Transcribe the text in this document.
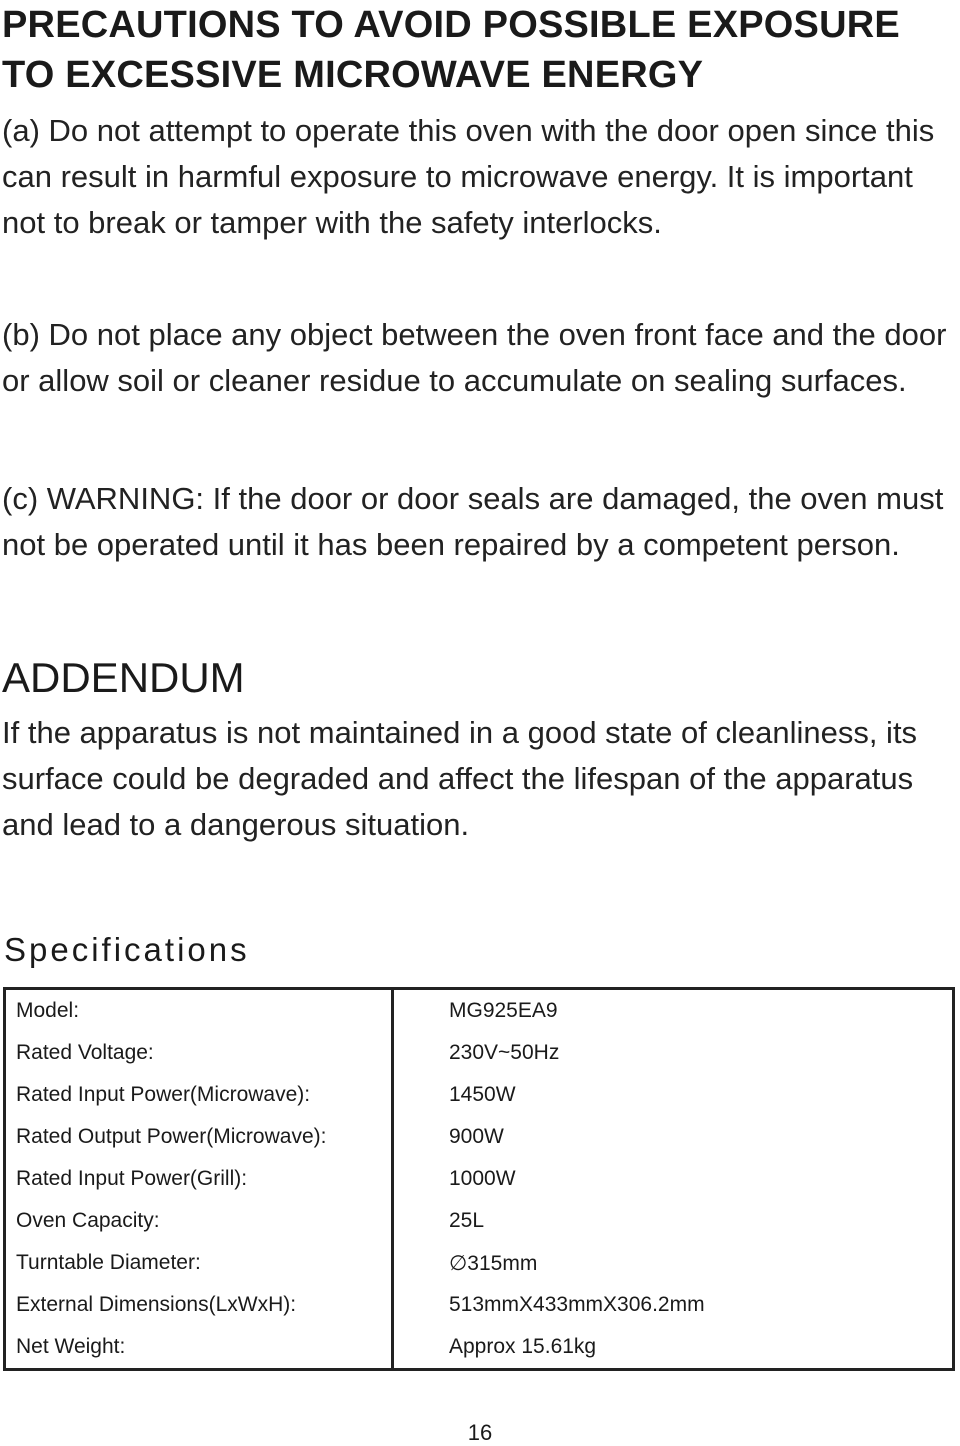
PRECAUTIONS TO AVOID POSSIBLE EXPOSURE
TO EXCESSIVE MICROWAVE ENERGY

(a) Do not attempt to operate this oven with the door open since this can result in harmful exposure to microwave energy. It is important not to break or tamper with the safety interlocks.

(b) Do not place any object between the oven front face and the door or allow soil or cleaner residue to accumulate on sealing surfaces.

(c) WARNING: If the door or door seals are damaged, the oven must not be operated until it has been repaired by a competent person.

ADDENDUM

If the apparatus is not maintained in a good state of cleanliness, its surface could be degraded and affect the lifespan of the apparatus and lead to a dangerous situation.

Specifications
Model:	MG925EA9
Rated Voltage:	230V~50Hz
Rated Input Power(Microwave):	1450W
Rated Output Power(Microwave):	900W
Rated Input Power(Grill):	1000W
Oven Capacity:	25L
Turntable Diameter:	∅315mm
External Dimensions(LxWxH):	513mmX433mmX306.2mm
Net Weight:	Approx 15.61kg
16
